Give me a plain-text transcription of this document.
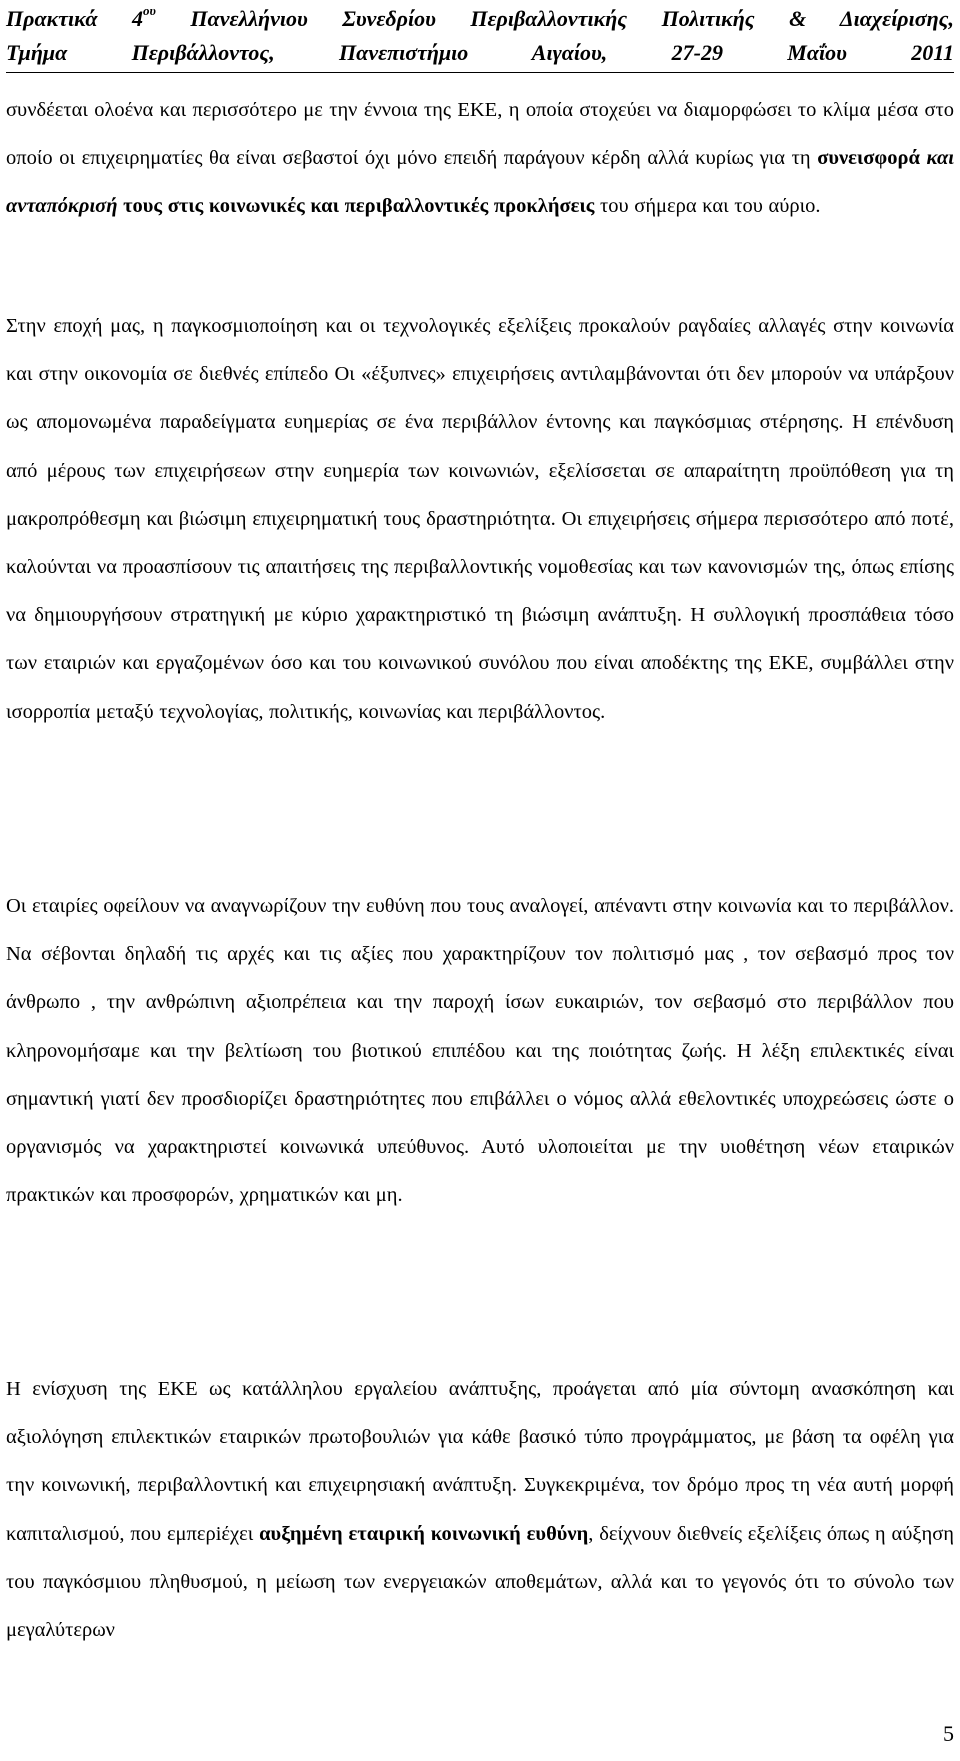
Πρακτικά $4^{o\upsilon}$ Πανελλήνιου Συνεδρίου Περιβαλλοντικής Πολιτικής & Διαχείρισης,
Τμήμα Περιβάλλοντος, Πανεπιστήμιο Αιγαίου, 27-29 Μαΐου 2011
συνδέεται ολοένα και περισσότερο με την έννοια της ΕΚΕ, η οποία στοχεύει να διαμορφώσει το κλίμα μέσα στο οποίο οι επιχειρηματίες θα είναι σεβαστοί όχι μόνο επειδή παράγουν κέρδη αλλά κυρίως για τη συνεισφορά και ανταπόκρισή τους στις κοινωνικές και περιβαλλοντικές προκλήσεις του σήμερα και του αύριο.
Στην εποχή μας, η παγκοσμιοποίηση και οι τεχνολογικές εξελίξεις προκαλούν ραγδαίες αλλαγές στην κοινωνία και στην οικονομία σε διεθνές επίπεδο Οι «έξυπνες» επιχειρήσεις αντιλαμβάνονται ότι δεν μπορούν να υπάρξουν ως απομονωμένα παραδείγματα ευημερίας σε ένα περιβάλλον έντονης και παγκόσμιας στέρησης. Η επένδυση από μέρους των επιχειρήσεων στην ευημερία των κοινωνιών, εξελίσσεται σε απαραίτητη προϋπόθεση για τη μακροπρόθεσμη και βιώσιμη επιχειρηματική τους δραστηριότητα. Οι επιχειρήσεις σήμερα περισσότερο από ποτέ, καλούνται να προασπίσουν τις απαιτήσεις της περιβαλλοντικής νομοθεσίας και των κανονισμών της, όπως επίσης να δημιουργήσουν στρατηγική με κύριο χαρακτηριστικό τη βιώσιμη ανάπτυξη. Η συλλογική προσπάθεια τόσο των εταιριών και εργαζομένων όσο και του κοινωνικού συνόλου που είναι αποδέκτης της ΕΚΕ, συμβάλλει στην ισορροπία μεταξύ τεχνολογίας, πολιτικής, κοινωνίας και περιβάλλοντος.
Οι εταιρίες οφείλουν να αναγνωρίζουν την ευθύνη που τους αναλογεί, απέναντι στην κοινωνία και το περιβάλλον. Να σέβονται δηλαδή τις αρχές και τις αξίες που χαρακτηρίζουν τον πολιτισμό μας , τον σεβασμό προς τον άνθρωπο , την ανθρώπινη αξιοπρέπεια και την παροχή ίσων ευκαιριών, τον σεβασμό στο περιβάλλον που κληρονομήσαμε και την βελτίωση του βιοτικού επιπέδου και της ποιότητας ζωής. Η λέξη επιλεκτικές είναι σημαντική γιατί δεν προσδιορίζει δραστηριότητες που επιβάλλει ο νόμος αλλά εθελοντικές υποχρεώσεις ώστε ο οργανισμός να χαρακτηριστεί κοινωνικά υπεύθυνος. Αυτό υλοποιείται με την υιοθέτηση νέων εταιρικών πρακτικών και προσφορών, χρηματικών και μη.
Η ενίσχυση της ΕΚΕ ως κατάλληλου εργαλείου ανάπτυξης, προάγεται από μία σύντομη ανασκόπηση και αξιολόγηση επιλεκτικών εταιρικών πρωτοβουλιών για κάθε βασικό τύπο προγράμματος, με βάση τα οφέλη για την κοινωνική, περιβαλλοντική και επιχειρησιακή ανάπτυξη. Συγκεκριμένα, τον δρόμο προς τη νέα αυτή μορφή καπιταλισμού, που εμπερiέχει αυξημένη εταιρική κοινωνική ευθύνη, δείχνουν διεθνείς εξελίξεις όπως η αύξηση του παγκόσμιου πληθυσμού, η μείωση των ενεργειακών αποθεμάτων, αλλά και το γεγονός ότι το σύνολο των μεγαλύτερων
5
